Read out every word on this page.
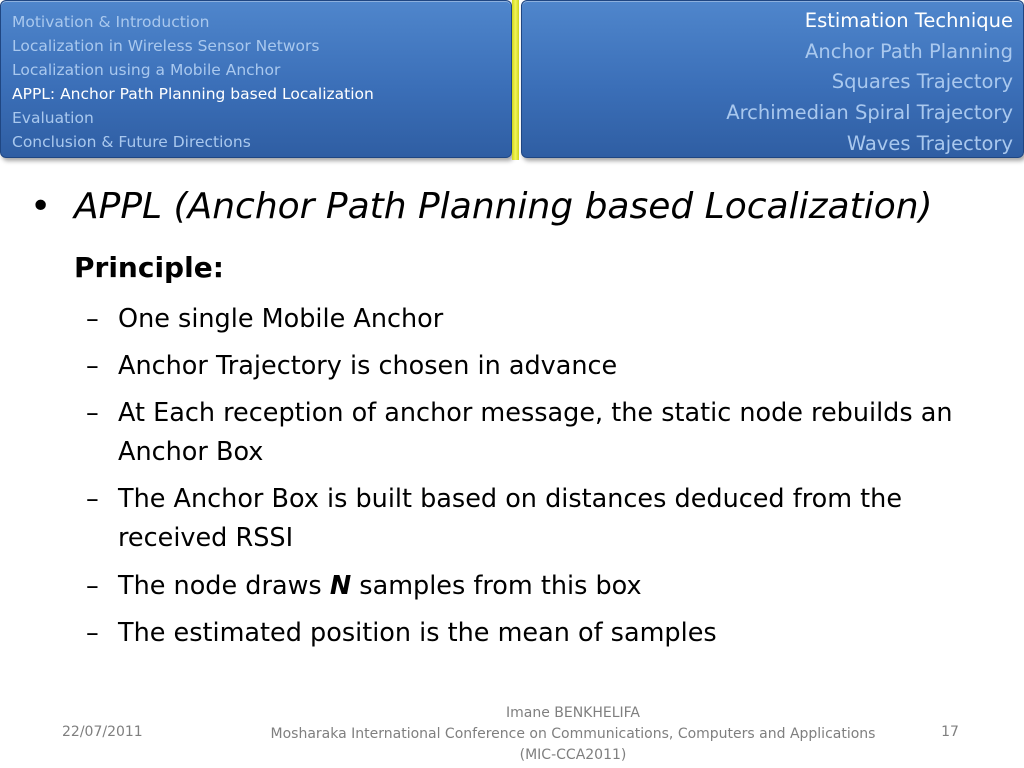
Motivation & Introduction
Localization in Wireless Sensor Networs
Localization using a Mobile Anchor
APPL: Anchor Path Planning based Localization
Evaluation
Conclusion & Future Directions
Estimation Technique
Anchor Path Planning
Squares Trajectory
Archimedian Spiral Trajectory
Waves Trajectory
• APPL (Anchor Path Planning based Localization)
Principle:
– One single Mobile Anchor
– Anchor Trajectory is chosen in advance
– At Each reception of anchor message, the static node rebuilds an Anchor Box
– The Anchor Box is built based on distances deduced from the received RSSI
– The node draws N samples from this box
– The estimated position is the mean of samples
22/07/2011
Imane BENKHELIFA
Mosharaka International Conference on Communications, Computers and Applications
(MIC-CCA2011)
17
